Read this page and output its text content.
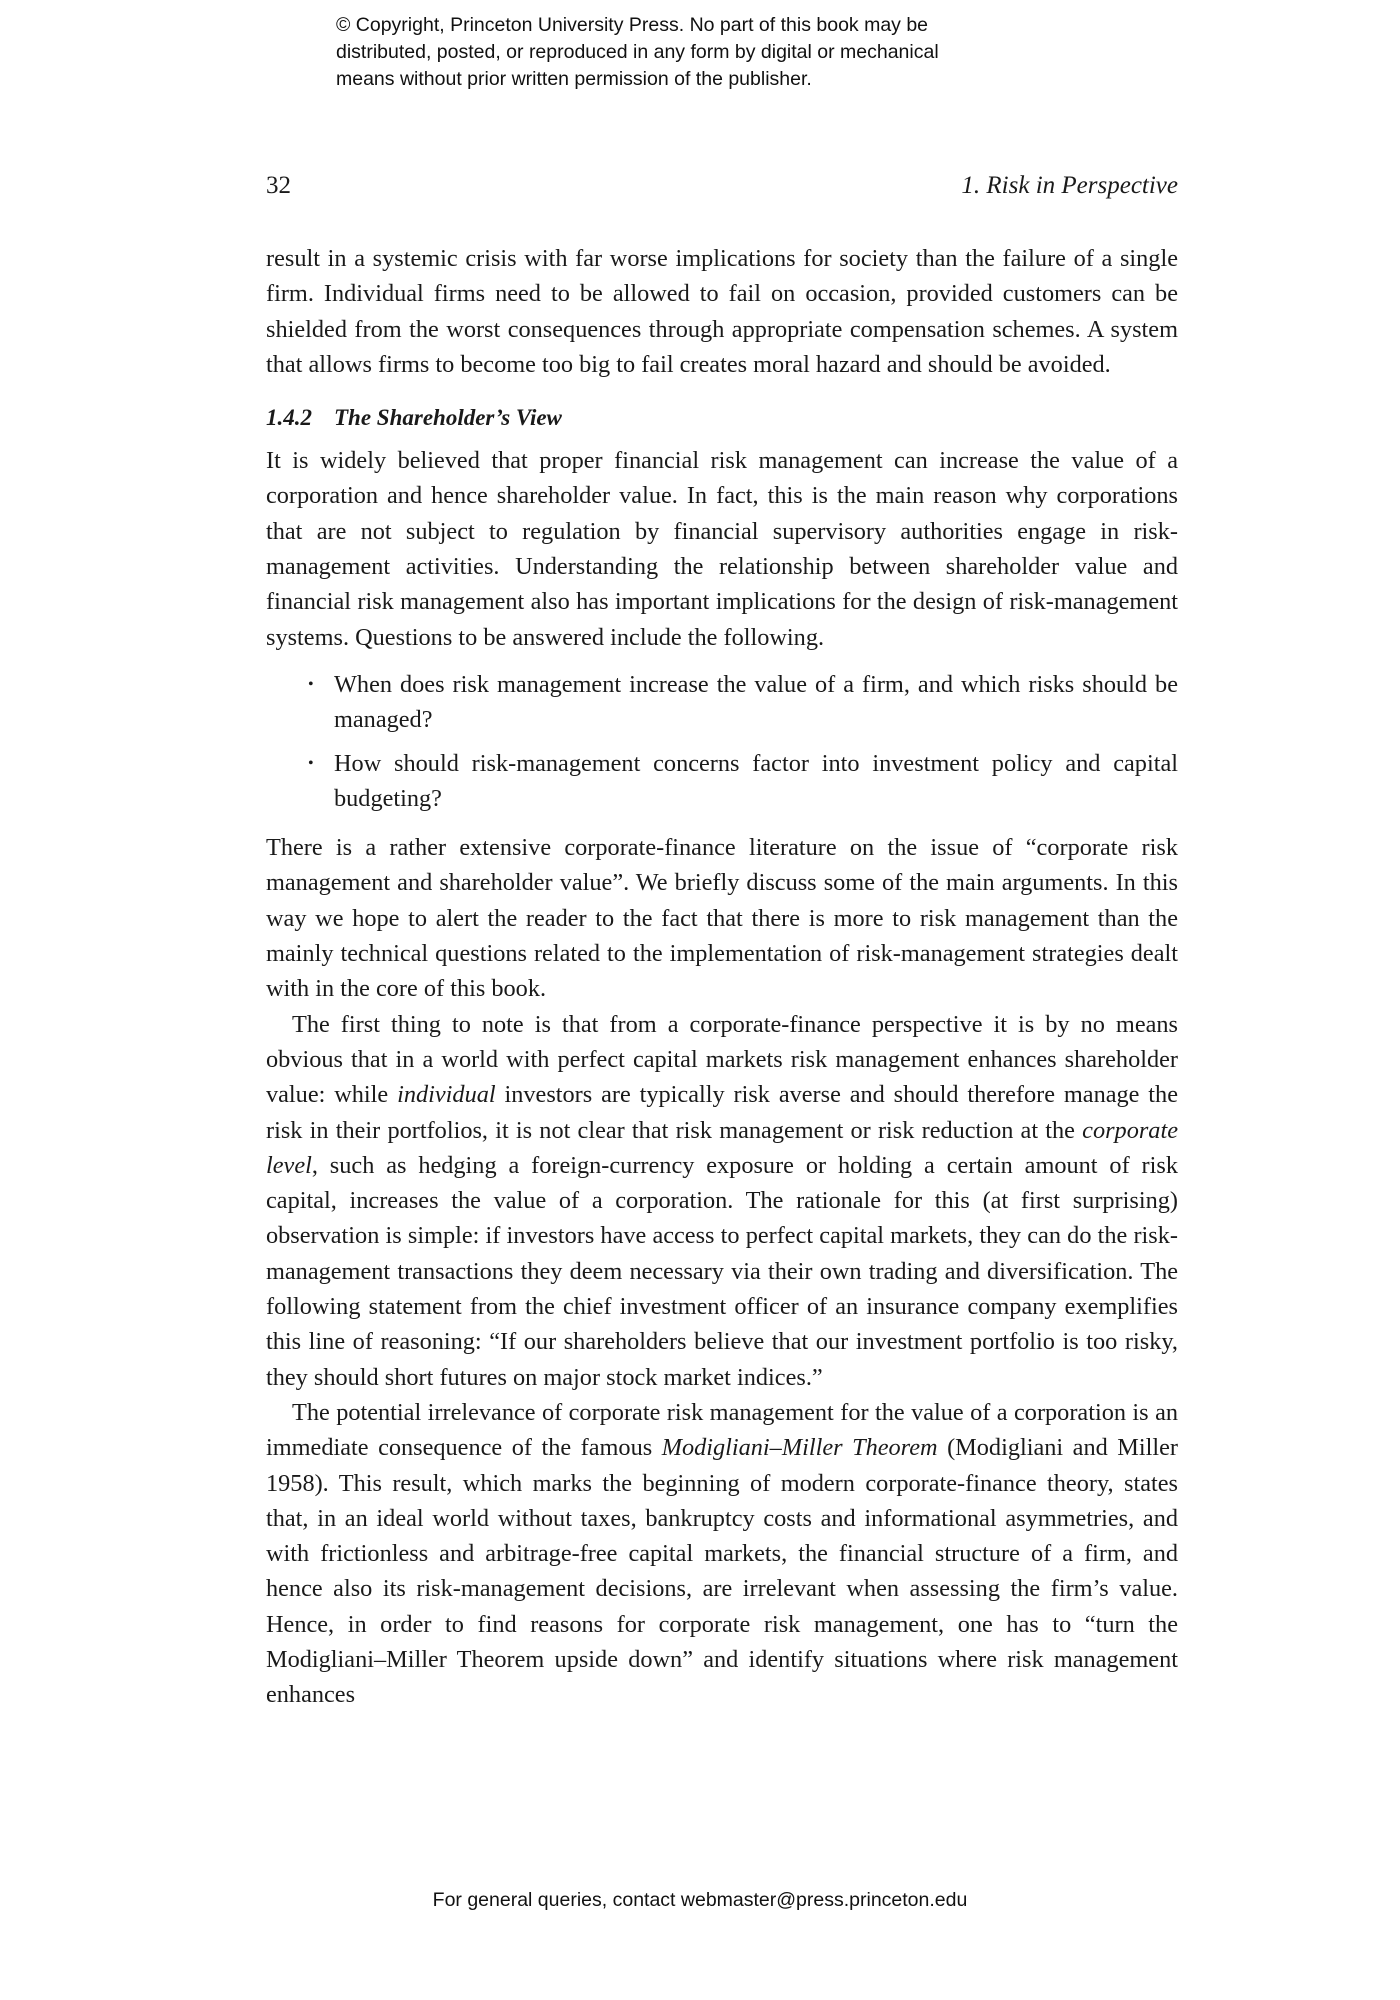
© Copyright, Princeton University Press. No part of this book may be
distributed, posted, or reproduced in any form by digital or mechanical
means without prior written permission of the publisher.
32	1. Risk in Perspective

result in a systemic crisis with far worse implications for society than the failure of a single firm. Individual firms need to be allowed to fail on occasion, provided customers can be shielded from the worst consequences through appropriate compensation schemes. A system that allows firms to become too big to fail creates moral hazard and should be avoided.

1.4.2 The Shareholder’s View

It is widely believed that proper financial risk management can increase the value of a corporation and hence shareholder value. In fact, this is the main reason why corporations that are not subject to regulation by financial supervisory authorities engage in risk-management activities. Understanding the relationship between shareholder value and financial risk management also has important implications for the design of risk-management systems. Questions to be answered include the following.

• When does risk management increase the value of a firm, and which risks should be managed?
• How should risk-management concerns factor into investment policy and capital budgeting?

There is a rather extensive corporate-finance literature on the issue of “corporate risk management and shareholder value”. We briefly discuss some of the main arguments. In this way we hope to alert the reader to the fact that there is more to risk management than the mainly technical questions related to the implementation of risk-management strategies dealt with in the core of this book.

The first thing to note is that from a corporate-finance perspective it is by no means obvious that in a world with perfect capital markets risk management enhances shareholder value: while individual investors are typically risk averse and should therefore manage the risk in their portfolios, it is not clear that risk management or risk reduction at the corporate level, such as hedging a foreign-currency exposure or holding a certain amount of risk capital, increases the value of a corporation. The rationale for this (at first surprising) observation is simple: if investors have access to perfect capital markets, they can do the risk-management transactions they deem necessary via their own trading and diversification. The following statement from the chief investment officer of an insurance company exemplifies this line of reasoning: “If our shareholders believe that our investment portfolio is too risky, they should short futures on major stock market indices.”

The potential irrelevance of corporate risk management for the value of a corporation is an immediate consequence of the famous Modigliani–Miller Theorem (Modigliani and Miller 1958). This result, which marks the beginning of modern corporate-finance theory, states that, in an ideal world without taxes, bankruptcy costs and informational asymmetries, and with frictionless and arbitrage-free capital markets, the financial structure of a firm, and hence also its risk-management decisions, are irrelevant when assessing the firm’s value. Hence, in order to find reasons for corporate risk management, one has to “turn the Modigliani–Miller Theorem upside down” and identify situations where risk management enhances

For general queries, contact webmaster@press.princeton.edu
